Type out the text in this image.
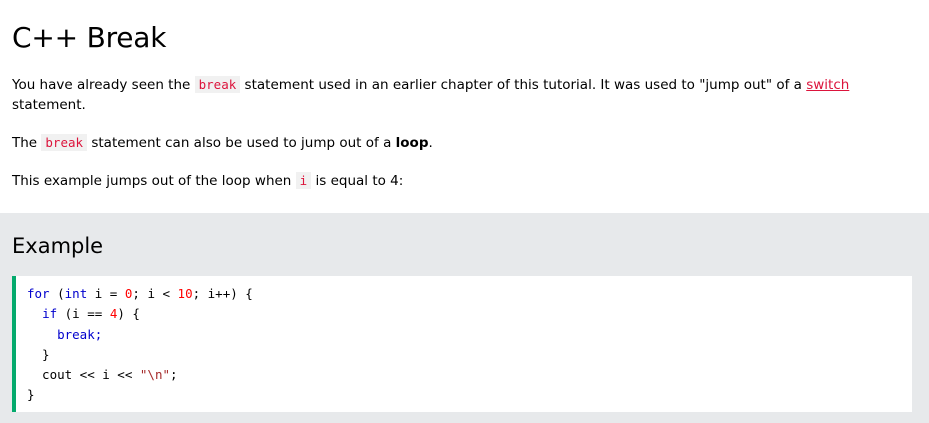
C++ Break

You have already seen the break statement used in an earlier chapter of this tutorial. It was used to "jump out" of a switch
statement.

The break statement can also be used to jump out of a loop.

This example jumps out of the loop when i is equal to 4:

Example
for (int i = 0; i < 10; i++) {
if (i == 4) {
break;
}
cout << i << "\n";
}
